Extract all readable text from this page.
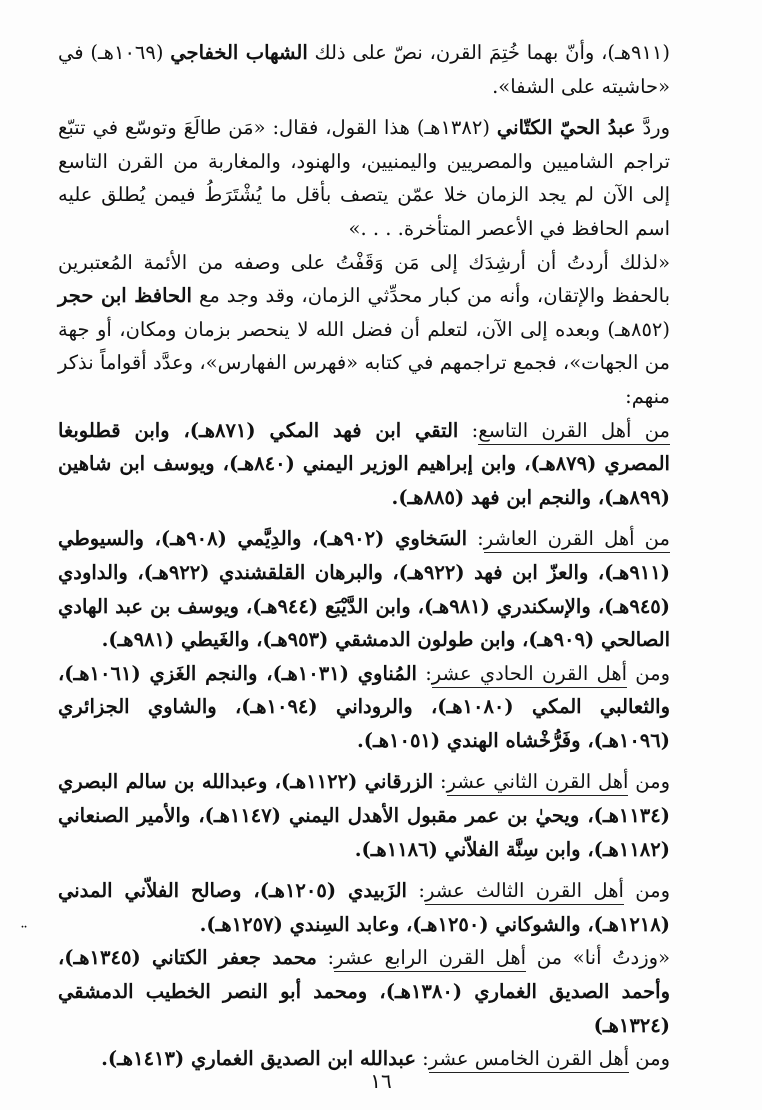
(٩١١هـ)، وأنّ بهما خُتِمَ القرن، نصّ على ذلك الشهاب الخفاجي (١٠٦٩هـ) في «حاشيته على الشفا».

وردَّ عبدُ الحيّ الكتّاني (١٣٨٢هـ) هذا القول، فقال: «مَن طالَعَ وتوسّع في تتبّع تراجم الشاميين والمصريين واليمنيين، والهنود، والمغاربة من القرن التاسع إلى الآن لم يجد الزمان خلا عمّن يتصف بأقل ما يُشْتَرَطُ فيمن يُطلق عليه اسم الحافظ في الأعصر المتأخرة. . . .»

«لذلك أردتُ أن أرشِدَك إلى مَن وَقَفْتُ على وصفه من الأئمة المُعتبرين بالحفظ والإتقان، وأنه من كبار محدِّثي الزمان، وقد وجد مع الحافظ ابن حجر (٨٥٢هـ) وبعده إلى الآن، لتعلم أن فضل الله لا ينحصر بزمان ومكان، أو جهة من الجهات»، فجمع تراجمهم في كتابه «فهرس الفهارس»، وعدَّد أقواماً نذكر منهم:

من أهل القرن التاسع: التقي ابن فهد المكي (٨٧١هـ)، وابن قطلوبغا المصري (٨٧٩هـ)، وابن إبراهيم الوزير اليمني (٨٤٠هـ)، ويوسف ابن شاهين (٨٩٩هـ)، والنجم ابن فهد (٨٨٥هـ).

من أهل القرن العاشر: السَخاوي (٩٠٢هـ)، والدِيَّمي (٩٠٨هـ)، والسيوطي (٩١١هـ)، والعزّ ابن فهد (٩٢٢هـ)، والبرهان القلقشندي (٩٢٢هـ)، والداودي (٩٤٥هـ)، والإسكندري (٩٨١هـ)، وابن الدَّيْبَع (٩٤٤هـ)، ويوسف بن عبد الهادي الصالحي (٩٠٩هـ)، وابن طولون الدمشقي (٩٥٣هـ)، والغَيطي (٩٨١هـ).

ومن أهل القرن الحادي عشر: المُناوي (١٠٣١هـ)، والنجم الغَزي (١٠٦١هـ)، والثعالبي المكي (١٠٨٠هـ)، والروداني (١٠٩٤هـ)، والشاوي الجزائري (١٠٩٦هـ)، وفَرُّخْشاه الهندي (١٠٥١هـ).

ومن أهل القرن الثاني عشر: الزرقاني (١١٢٢هـ)، وعبدالله بن سالم البصري (١١٣٤هـ)، ويحيٰ بن عمر مقبول الأهدل اليمني (١١٤٧هـ)، والأمير الصنعاني (١١٨٢هـ)، وابن سِنَّة الفلاّني (١١٨٦هـ).

ومن أهل القرن الثالث عشر: الزَبيدي (١٢٠٥هـ)، وصالح الفلاّني المدني (١٢١٨هـ)، والشوكاني (١٢٥٠هـ)، وعابد السِندي (١٢٥٧هـ).

«وزدتُ أنا» من أهل القرن الرابع عشر: محمد جعفر الكتاني (١٣٤٥هـ)، وأحمد الصديق الغماري (١٣٨٠هـ)، ومحمد أبو النصر الخطيب الدمشقي (١٣٢٤هـ)

ومن أهل القرن الخامس عشر: عبدالله ابن الصديق الغماري (١٤١٣هـ).

¨
١٦
